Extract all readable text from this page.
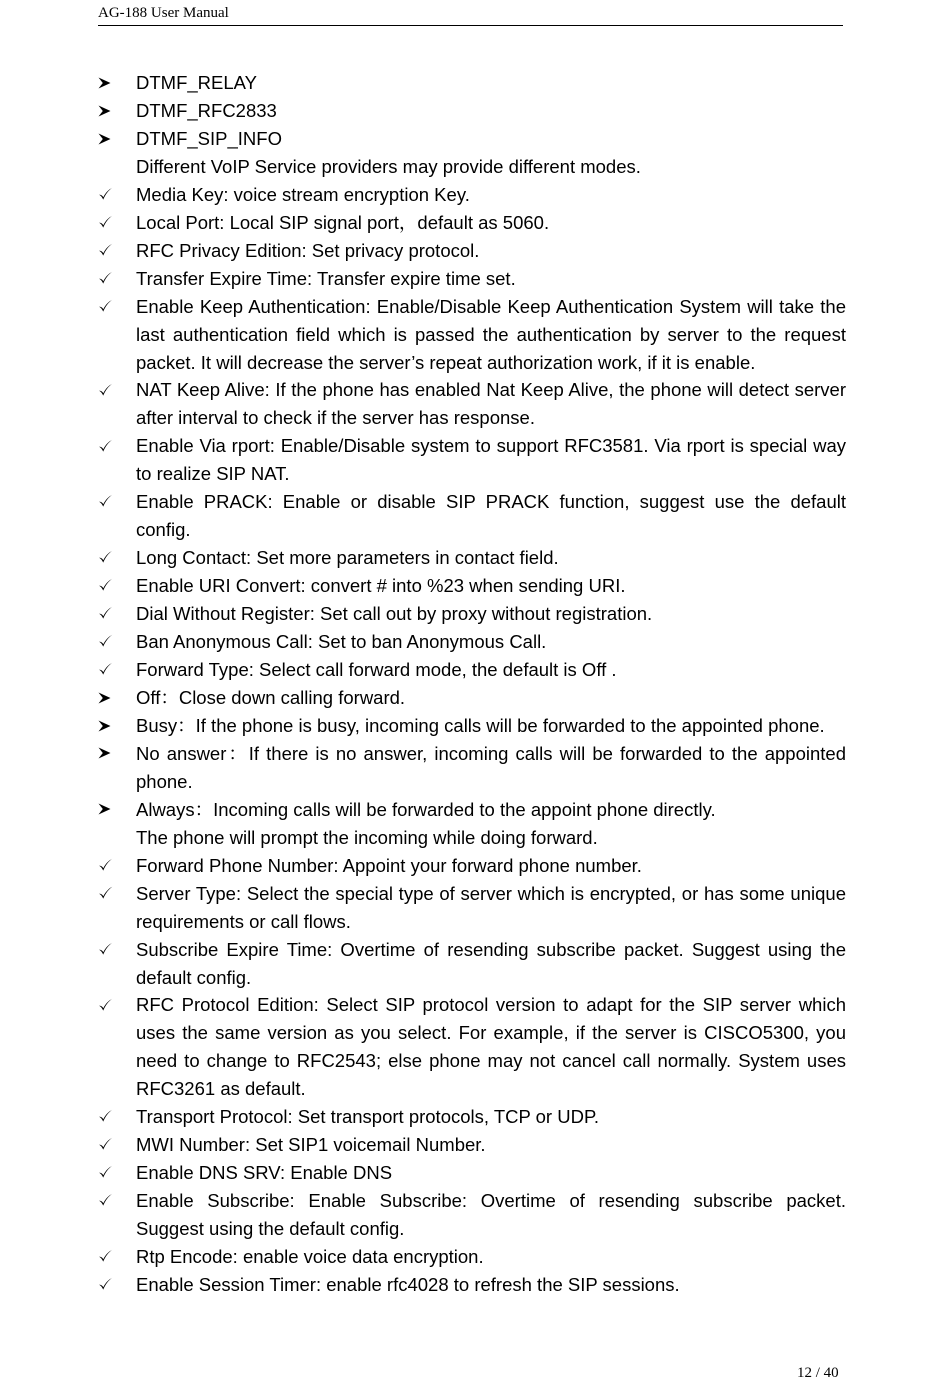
AG-188 User Manual
DTMF_RELAY
DTMF_RFC2833
DTMF_SIP_INFO
Different VoIP Service providers may provide different modes.
Media Key: voice stream encryption Key.
Local Port: Local SIP signal port，default as 5060.
RFC Privacy Edition: Set privacy protocol.
Transfer Expire Time: Transfer expire time set.
Enable Keep Authentication: Enable/Disable Keep Authentication System will take the last authentication field which is passed the authentication by server to the request packet. It will decrease the server’s repeat authorization work, if it is enable.
NAT Keep Alive: If the phone has enabled Nat Keep Alive, the phone will detect server after interval to check if the server has response.
Enable Via rport: Enable/Disable system to support RFC3581. Via rport is special way to realize SIP NAT.
Enable PRACK: Enable or disable SIP PRACK function, suggest use the default config.
Long Contact: Set more parameters in contact field.
Enable URI Convert: convert # into %23 when sending URI.
Dial Without Register: Set call out by proxy without registration.
Ban Anonymous Call: Set to ban Anonymous Call.
Forward Type: Select call forward mode, the default is Off .
Off：Close down calling forward.
Busy：If the phone is busy, incoming calls will be forwarded to the appointed phone.
No answer：If there is no answer, incoming calls will be forwarded to the appointed phone.
Always：Incoming calls will be forwarded to the appoint phone directly.
The phone will prompt the incoming while doing forward.
Forward Phone Number: Appoint your forward phone number.
Server Type: Select the special type of server which is encrypted, or has some unique requirements or call flows.
Subscribe Expire Time: Overtime of resending subscribe packet. Suggest using the default config.
RFC Protocol Edition: Select SIP protocol version to adapt for the SIP server which uses the same version as you select. For example, if the server is CISCO5300, you need to change to RFC2543; else phone may not cancel call normally. System uses RFC3261 as default.
Transport Protocol: Set transport protocols, TCP or UDP.
MWI Number: Set SIP1 voicemail Number.
Enable DNS SRV: Enable DNS
Enable Subscribe: Enable Subscribe: Overtime of resending subscribe packet. Suggest using the default config.
Rtp Encode: enable voice data encryption.
Enable Session Timer: enable rfc4028 to refresh the SIP sessions.
12 / 40
